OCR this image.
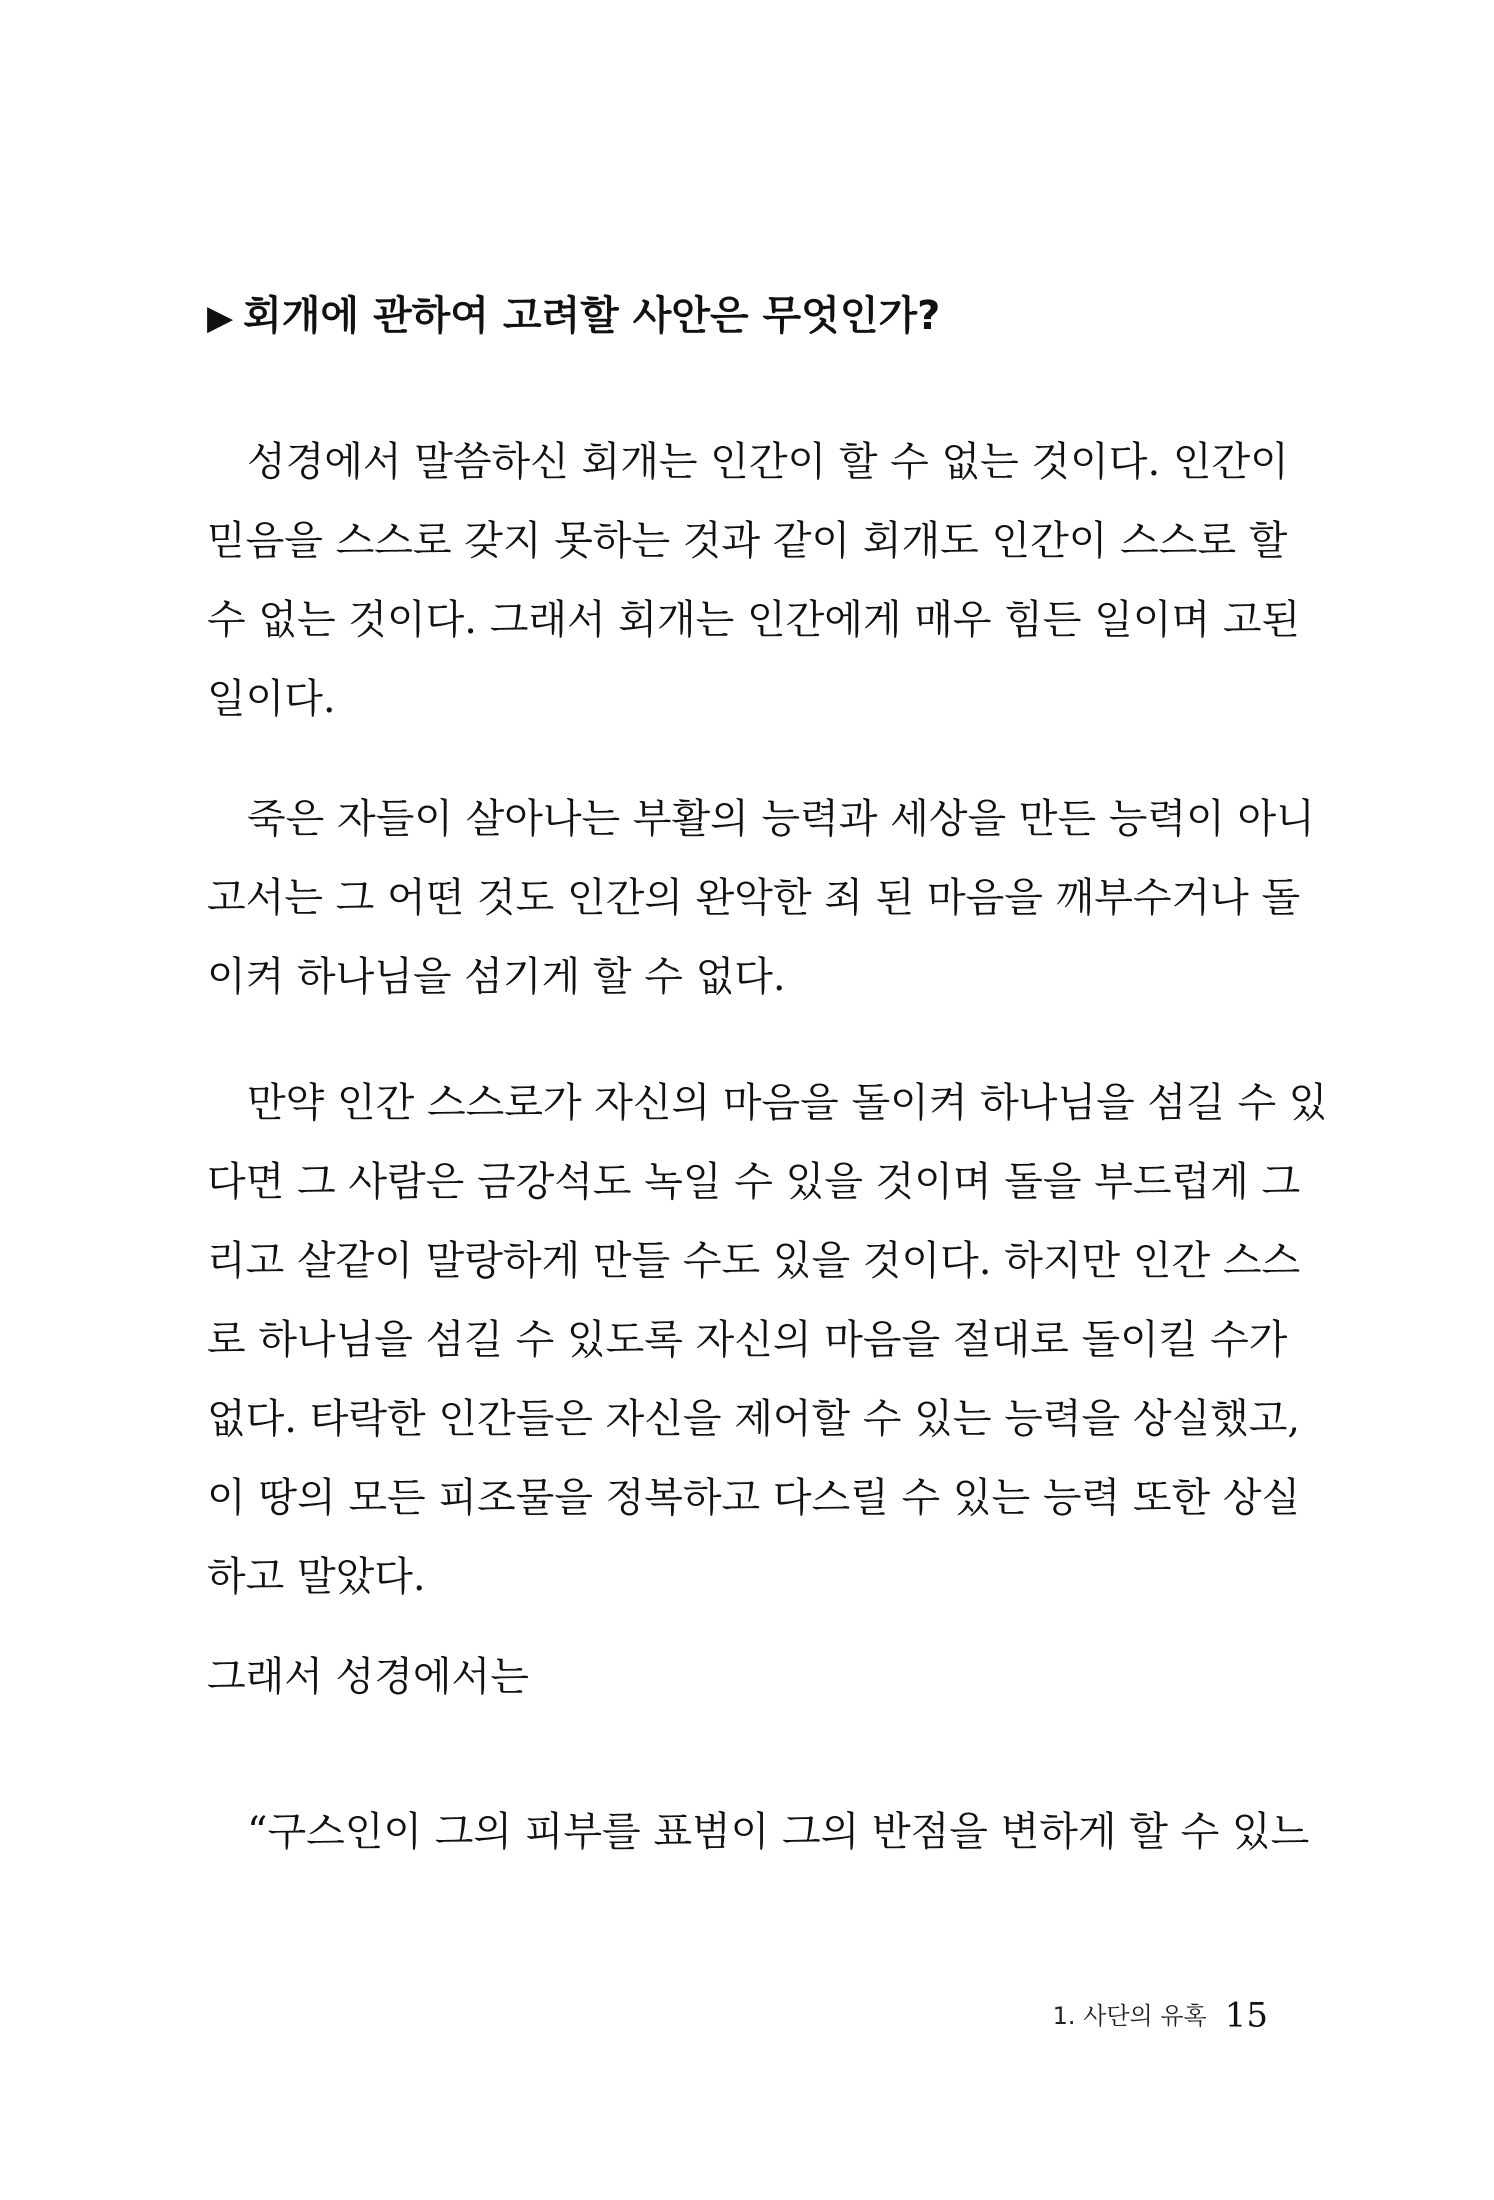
▶ 회개에 관하여 고려할 사안은 무엇인가?
성경에서 말씀하신 회개는 인간이 할 수 없는 것이다. 인간이
믿음을 스스로 갖지 못하는 것과 같이 회개도 인간이 스스로 할
수 없는 것이다. 그래서 회개는 인간에게 매우 힘든 일이며 고된
일이다.
죽은 자들이 살아나는 부활의 능력과 세상을 만든 능력이 아니
고서는 그 어떤 것도 인간의 완악한 죄 된 마음을 깨부수거나 돌
이켜 하나님을 섬기게 할 수 없다.
만약 인간 스스로가 자신의 마음을 돌이켜 하나님을 섬길 수 있
다면 그 사람은 금강석도 녹일 수 있을 것이며 돌을 부드럽게 그
리고 살같이 말랑하게 만들 수도 있을 것이다. 하지만 인간 스스
로 하나님을 섬길 수 있도록 자신의 마음을 절대로 돌이킬 수가
없다. 타락한 인간들은 자신을 제어할 수 있는 능력을 상실했고,
이 땅의 모든 피조물을 정복하고 다스릴 수 있는 능력 또한 상실
하고 말았다.
그래서 성경에서는
“구스인이 그의 피부를 표범이 그의 반점을 변하게 할 수 있느
1. 사단의 유혹 15
